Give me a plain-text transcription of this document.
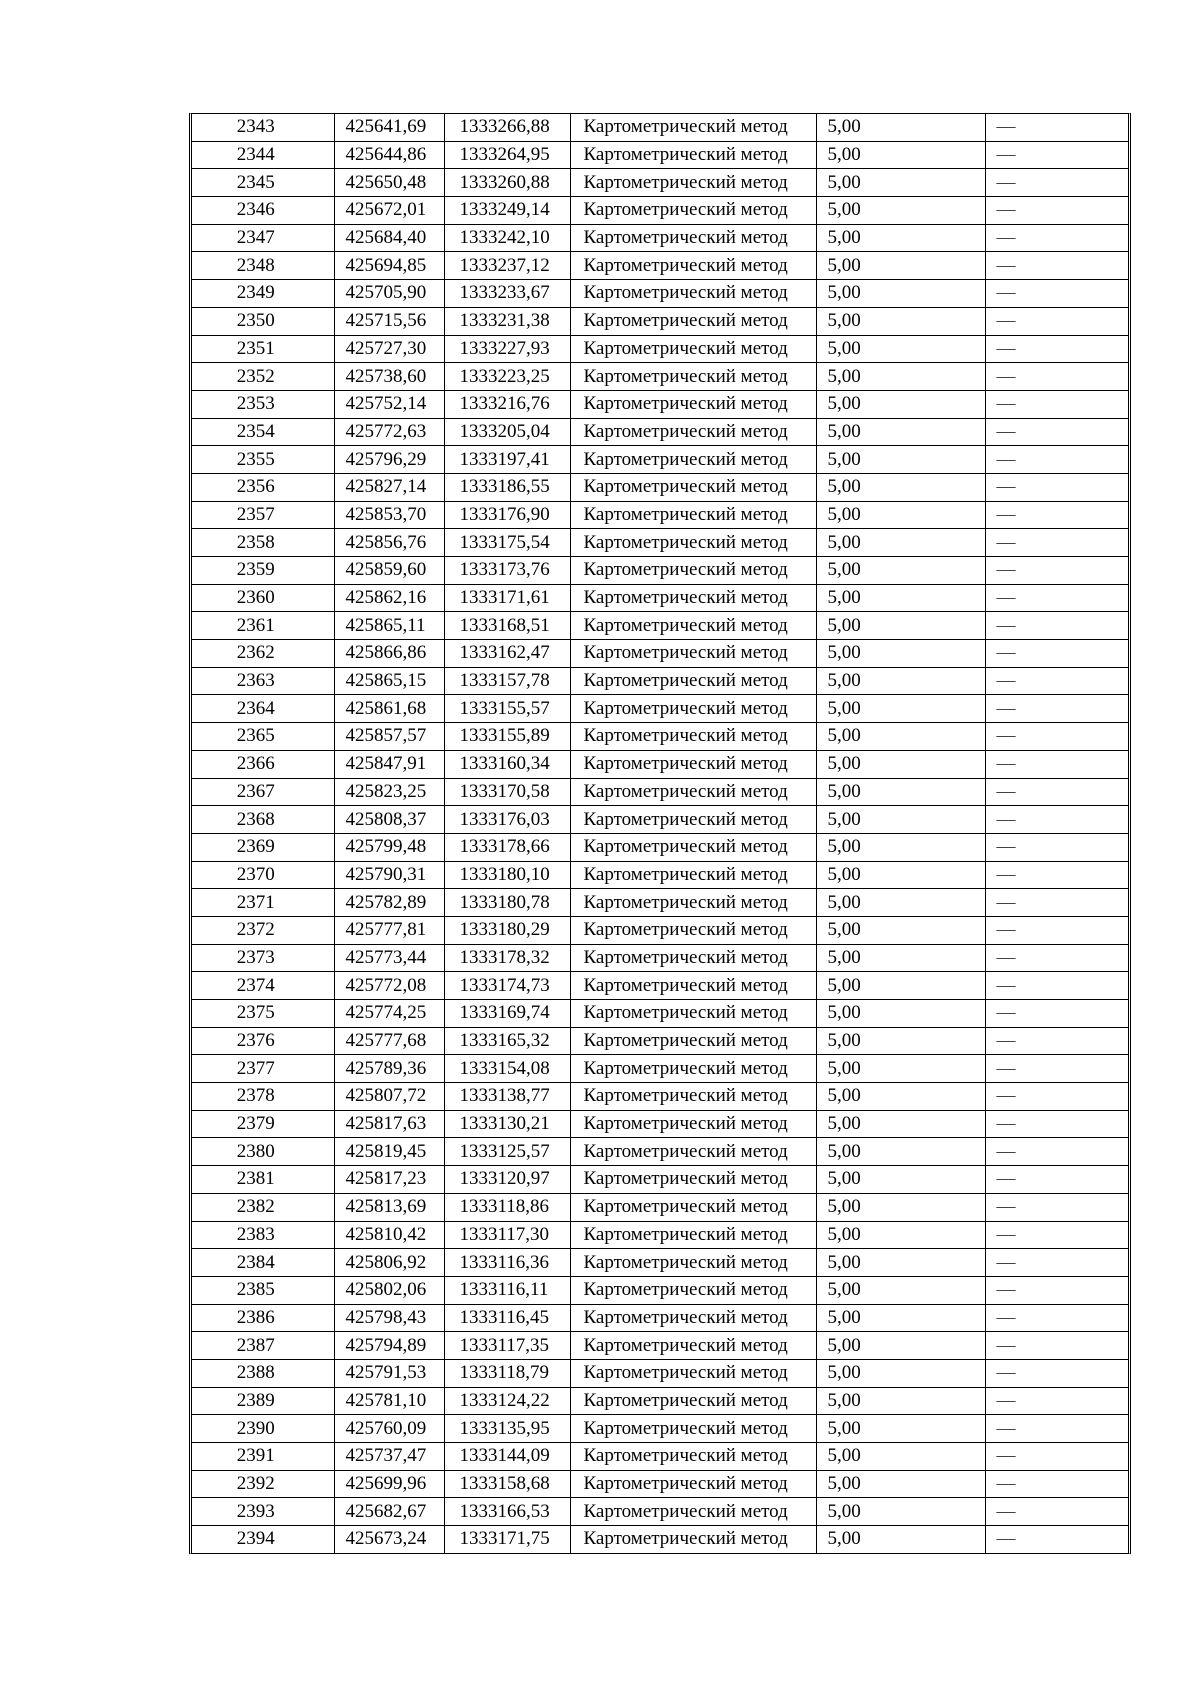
2343	425641,69	1333266,88	Картометрический метод	5,00	—
2344	425644,86	1333264,95	Картометрический метод	5,00	—
2345	425650,48	1333260,88	Картометрический метод	5,00	—
2346	425672,01	1333249,14	Картометрический метод	5,00	—
2347	425684,40	1333242,10	Картометрический метод	5,00	—
2348	425694,85	1333237,12	Картометрический метод	5,00	—
2349	425705,90	1333233,67	Картометрический метод	5,00	—
2350	425715,56	1333231,38	Картометрический метод	5,00	—
2351	425727,30	1333227,93	Картометрический метод	5,00	—
2352	425738,60	1333223,25	Картометрический метод	5,00	—
2353	425752,14	1333216,76	Картометрический метод	5,00	—
2354	425772,63	1333205,04	Картометрический метод	5,00	—
2355	425796,29	1333197,41	Картометрический метод	5,00	—
2356	425827,14	1333186,55	Картометрический метод	5,00	—
2357	425853,70	1333176,90	Картометрический метод	5,00	—
2358	425856,76	1333175,54	Картометрический метод	5,00	—
2359	425859,60	1333173,76	Картометрический метод	5,00	—
2360	425862,16	1333171,61	Картометрический метод	5,00	—
2361	425865,11	1333168,51	Картометрический метод	5,00	—
2362	425866,86	1333162,47	Картометрический метод	5,00	—
2363	425865,15	1333157,78	Картометрический метод	5,00	—
2364	425861,68	1333155,57	Картометрический метод	5,00	—
2365	425857,57	1333155,89	Картометрический метод	5,00	—
2366	425847,91	1333160,34	Картометрический метод	5,00	—
2367	425823,25	1333170,58	Картометрический метод	5,00	—
2368	425808,37	1333176,03	Картометрический метод	5,00	—
2369	425799,48	1333178,66	Картометрический метод	5,00	—
2370	425790,31	1333180,10	Картометрический метод	5,00	—
2371	425782,89	1333180,78	Картометрический метод	5,00	—
2372	425777,81	1333180,29	Картометрический метод	5,00	—
2373	425773,44	1333178,32	Картометрический метод	5,00	—
2374	425772,08	1333174,73	Картометрический метод	5,00	—
2375	425774,25	1333169,74	Картометрический метод	5,00	—
2376	425777,68	1333165,32	Картометрический метод	5,00	—
2377	425789,36	1333154,08	Картометрический метод	5,00	—
2378	425807,72	1333138,77	Картометрический метод	5,00	—
2379	425817,63	1333130,21	Картометрический метод	5,00	—
2380	425819,45	1333125,57	Картометрический метод	5,00	—
2381	425817,23	1333120,97	Картометрический метод	5,00	—
2382	425813,69	1333118,86	Картометрический метод	5,00	—
2383	425810,42	1333117,30	Картометрический метод	5,00	—
2384	425806,92	1333116,36	Картометрический метод	5,00	—
2385	425802,06	1333116,11	Картометрический метод	5,00	—
2386	425798,43	1333116,45	Картометрический метод	5,00	—
2387	425794,89	1333117,35	Картометрический метод	5,00	—
2388	425791,53	1333118,79	Картометрический метод	5,00	—
2389	425781,10	1333124,22	Картометрический метод	5,00	—
2390	425760,09	1333135,95	Картометрический метод	5,00	—
2391	425737,47	1333144,09	Картометрический метод	5,00	—
2392	425699,96	1333158,68	Картометрический метод	5,00	—
2393	425682,67	1333166,53	Картометрический метод	5,00	—
2394	425673,24	1333171,75	Картометрический метод	5,00	—
